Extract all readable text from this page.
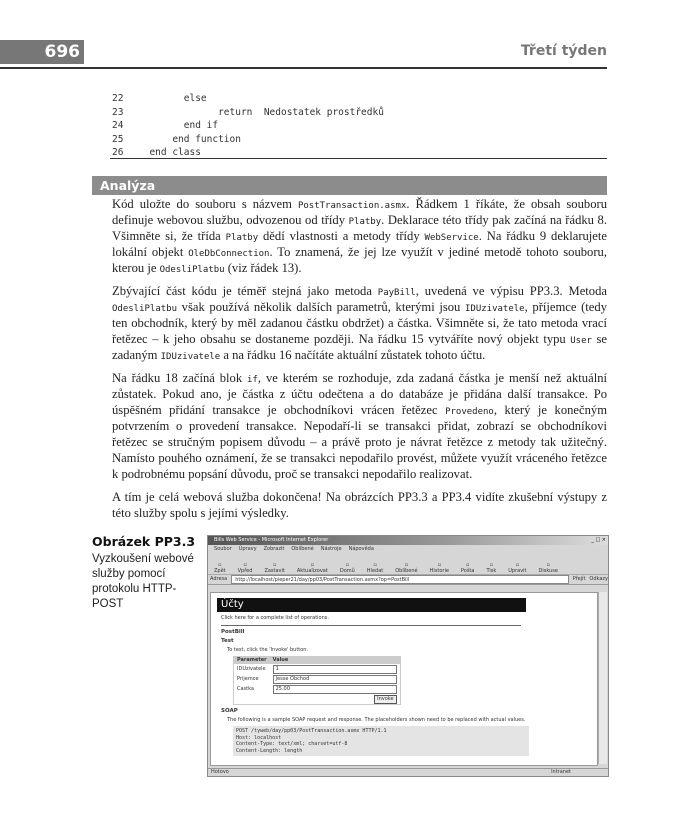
696	Třetí týden
22        else
23              return  Nedostatek prostředků
24        end if
25      end function
26  end class
Analýza

Kód uložte do souboru s názvem PostTransaction.asmx. Řádkem 1 říkáte, že obsah souboru definuje webovou službu, odvozenou od třídy Platby. Deklarace této třídy pak začíná na řádku 8. Všimněte si, že třída Platby dědí vlastnosti a metody třídy WebService. Na řádku 9 deklarujete lokální objekt OleDbConnection. To znamená, že jej lze využít v jediné metodě tohoto souboru, kterou je OdesliPlatbu (viz řádek 13).

Zbývající část kódu je téměř stejná jako metoda PayBill, uvedená ve výpisu PP3.3. Metoda OdesliPlatbu však používá několik dalších parametrů, kterými jsou IDUzivatele, příjemce (tedy ten obchodník, který by měl zadanou částku obdržet) a částka. Všimněte si, že tato metoda vrací řetězec – k jeho obsahu se dostaneme později. Na řádku 15 vytváříte nový objekt typu User se zadaným IDUzivatele a na řádku 16 načítáte aktuální zůstatek tohoto účtu.

Na řádku 18 začíná blok if, ve kterém se rozhoduje, zda zadaná částka je menší než aktuální zůstatek. Pokud ano, je částka z účtu odečtena a do databáze je přidána další transakce. Po úspěšném přidání transakce je obchodníkovi vrácen řetězec Provedeno, který je konečným potvrzením o provedení transakce. Nepodaří-li se transakci přidat, zobrazí se obchodníkovi řetězec se stručným popisem důvodu – a právě proto je návrat řetězce z metody tak užitečný. Namísto pouhého oznámení, že se transakci nepodařilo provést, můžete využít vráceného řetězce k podrobnému popsání důvodu, proč se transakci nepodařilo realizovat.

A tím je celá webová služba dokončena! Na obrázcích PP3.3 a PP3.4 vidíte zkušební výstupy z této služby spolu s jejími výsledky.

Obrázek PP3.3
Vyzkoušení webové služby pomocí protokolu HTTP-POST
Bills Web Service - Microsoft Internet Explorer	_ □ ×
Soubor Úpravy Zobrazit Oblíbené Nástroje Nápověda
▫
Zpět
▫
Vpřed
▫
Zastavit
▫
Aktualizovat
▫
Domů
▫
Hledat
▫
Oblíbené
▫
Historie
▫
Pošta
▫
Tisk
▫
Upravit
▫
Diskuse
Adresa	http://localhost/pieper21/day/pp03/PostTransaction.asmx?op=PostBill	Přejít Odkazy
Účty
Click here for a complete list of operations.
PostBill
Test
To test, click the 'Invoke' button.
Parameter	Value
IDUzivatele	1
Prijemce	Jesse Obchod
Castka	25.00
	Invoke
SOAP
The following is a sample SOAP request and response. The placeholders shown need to be replaced with actual values.
POST /tyweb/day/pp03/PostTransaction.asmx HTTP/1.1
Host: localhost
Content-Type: text/xml; charset=utf-8
Content-Length: length
Hotovo	Intranet
